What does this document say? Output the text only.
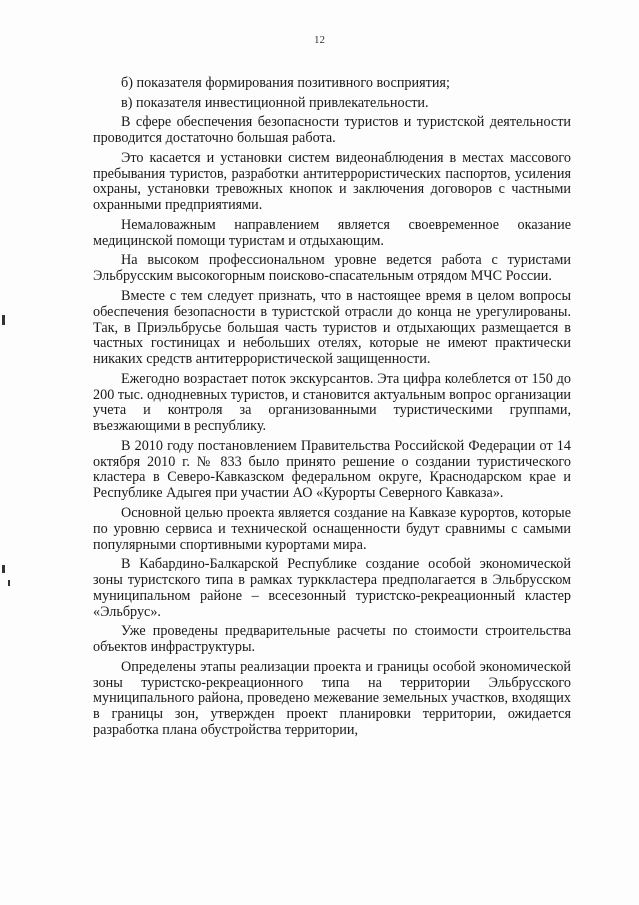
12

б) показателя формирования позитивного восприятия;

в) показателя инвестиционной привлекательности.

В сфере обеспечения безопасности туристов и туристской деятельности проводится достаточно большая работа.

Это касается и установки систем видеонаблюдения в местах массового пребывания туристов, разработки антитеррористических паспортов, усиления охраны, установки тревожных кнопок и заключения договоров с частными охранными предприятиями.

Немаловажным направлением является своевременное оказание медицинской помощи туристам и отдыхающим.

На высоком профессиональном уровне ведется работа с туристами Эльбрусским высокогорным поисково-спасательным отрядом МЧС России.

Вместе с тем следует признать, что в настоящее время в целом вопросы обеспечения безопасности в туристской отрасли до конца не урегулированы. Так, в Приэльбрусье большая часть туристов и отдыхающих размещается в частных гостиницах и небольших отелях, которые не имеют практически никаких средств антитеррористической защищенности.

Ежегодно возрастает поток экскурсантов. Эта цифра колеблется от 150 до 200 тыс. однодневных туристов, и становится актуальным вопрос организации учета и контроля за организованными туристическими группами, въезжающими в республику.

В 2010 году постановлением Правительства Российской Федерации от 14 октября 2010 г. № 833 было принято решение о создании туристического кластера в Северо-Кавказском федеральном округе, Краснодарском крае и Республике Адыгея при участии АО «Курорты Северного Кавказа».

Основной целью проекта является создание на Кавказе курортов, которые по уровню сервиса и технической оснащенности будут сравнимы с самыми популярными спортивными курортами мира.

В Кабардино-Балкарской Республике создание особой экономической зоны туристского типа в рамках турккластера предполагается в Эльбрусском муниципальном районе – всесезонный туристско-рекреационный кластер «Эльбрус».

Уже проведены предварительные расчеты по стоимости строительства объектов инфраструктуры.

Определены этапы реализации проекта и границы особой экономической зоны туристско-рекреационного типа на территории Эльбрусского муниципального района, проведено межевание земельных участков, входящих в границы зон, утвержден проект планировки территории, ожидается разработка плана обустройства территории,
